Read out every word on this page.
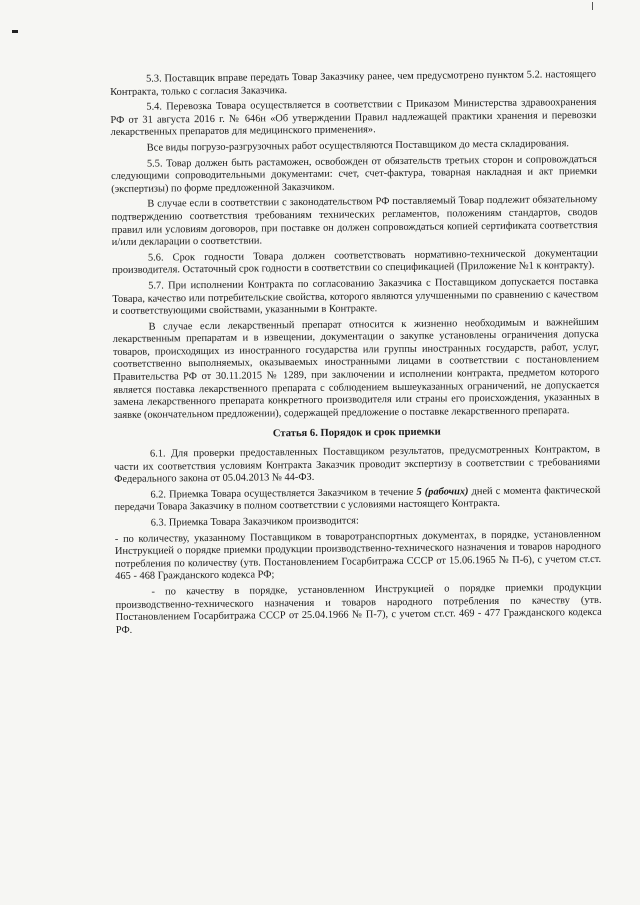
5.3. Поставщик вправе передать Товар Заказчику ранее, чем предусмотрено пунктом 5.2. настоящего Контракта, только с согласия Заказчика.

5.4. Перевозка Товара осуществляется в соответствии с Приказом Министерства здравоохранения РФ от 31 августа 2016 г. № 646н «Об утверждении Правил надлежащей практики хранения и перевозки лекарственных препаратов для медицинского применения».

Все виды погрузо-разгрузочных работ осуществляются Поставщиком до места складирования.

5.5. Товар должен быть растаможен, освобожден от обязательств третьих сторон и сопровождаться следующими сопроводительными документами: счет, счет-фактура, товарная накладная и акт приемки (экспертизы) по форме предложенной Заказчиком.

В случае если в соответствии с законодательством РФ поставляемый Товар подлежит обязательному подтверждению соответствия требованиям технических регламентов, положениям стандартов, сводов правил или условиям договоров, при поставке он должен сопровождаться копией сертификата соответствия и/или декларации о соответствии.

5.6. Срок годности Товара должен соответствовать нормативно-технической документации производителя. Остаточный срок годности в соответствии со спецификацией (Приложение №1 к контракту).

5.7. При исполнении Контракта по согласованию Заказчика с Поставщиком допускается поставка Товара, качество или потребительские свойства, которого являются улучшенными по сравнению с качеством и соответствующими свойствами, указанными в Контракте.

В случае если лекарственный препарат относится к жизненно необходимым и важнейшим лекарственным препаратам и в извещении, документации о закупке установлены ограничения допуска товаров, происходящих из иностранного государства или группы иностранных государств, работ, услуг, соответственно выполняемых, оказываемых иностранными лицами в соответствии с постановлением Правительства РФ от 30.11.2015 № 1289, при заключении и исполнении контракта, предметом которого является поставка лекарственного препарата с соблюдением вышеуказанных ограничений, не допускается замена лекарственного препарата конкретного производителя или страны его происхождения, указанных в заявке (окончательном предложении), содержащей предложение о поставке лекарственного препарата.

Статья 6. Порядок и срок приемки

6.1. Для проверки предоставленных Поставщиком результатов, предусмотренных Контрактом, в части их соответствия условиям Контракта Заказчик проводит экспертизу в соответствии с требованиями Федерального закона от 05.04.2013 № 44-ФЗ.

6.2. Приемка Товара осуществляется Заказчиком в течение 5 (рабочих) дней с момента фактической передачи Товара Заказчику в полном соответствии с условиями настоящего Контракта.

6.3. Приемка Товара Заказчиком производится:

- по количеству, указанному Поставщиком в товаротранспортных документах, в порядке, установленном Инструкцией о порядке приемки продукции производственно-технического назначения и товаров народного потребления по количеству (утв. Постановлением Госарбитража СССР от 15.06.1965 № П-6), с учетом ст.ст. 465 - 468 Гражданского кодекса РФ;

- по качеству в порядке, установленном Инструкцией о порядке приемки продукции производственно-технического назначения и товаров народного потребления по качеству (утв. Постановлением Госарбитража СССР от 25.04.1966 № П-7), с учетом ст.ст. 469 - 477 Гражданского кодекса РФ.
